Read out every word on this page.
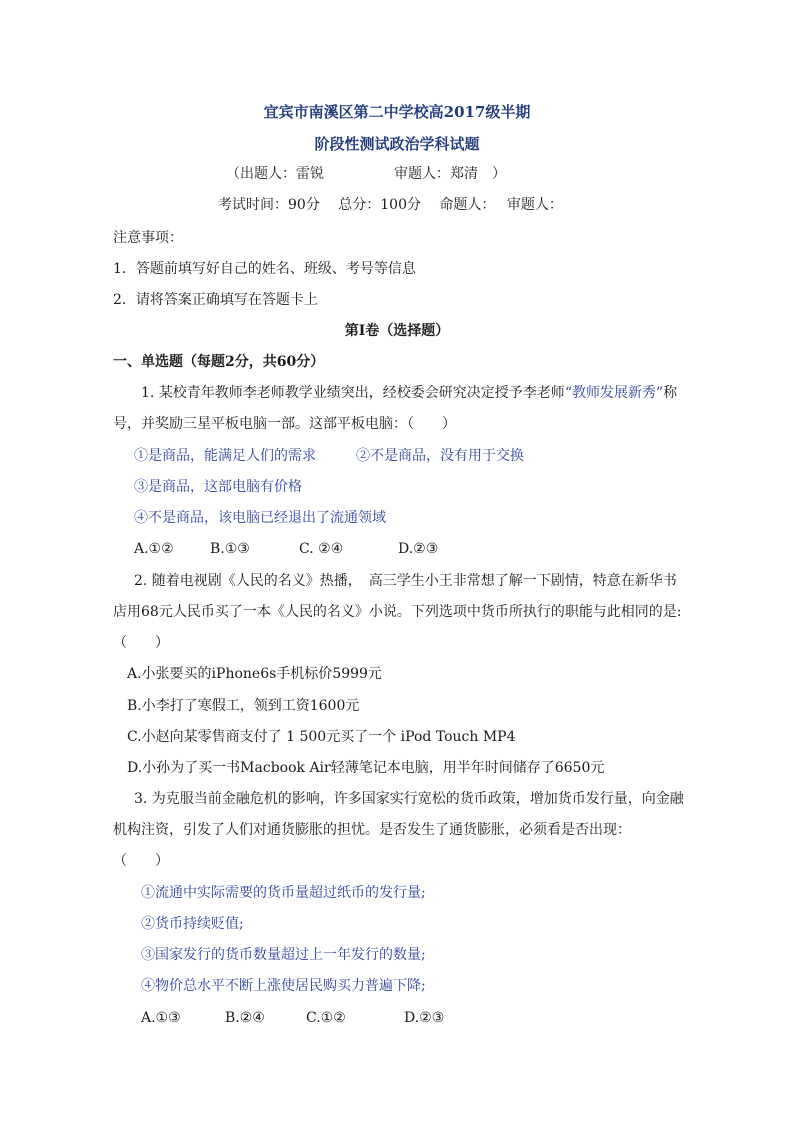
宜宾市南溪区第二中学校高2017级半期
阶段性测试政治学科试题
（出题人：雷锐　　　　　审题人：郑清　）
考试时间：90分　 总分：100分　 命题人：　 审题人：
注意事项：
1．答题前填写好自己的姓名、班级、考号等信息
2．请将答案正确填写在答题卡上
第I卷（选择题）
一、单选题（每题2分，共60分）
1. 某校青年教师李老师教学业绩突出，经校委会研究决定授予李老师“教师发展新秀”称
号，并奖励三星平板电脑一部。这部平板电脑：（　　）
①是商品，能满足人们的需求	②不是商品，没有用于交换
③是商品，这部电脑有价格
④不是商品，该电脑已经退出了流通领域
A.①②	B.①③	C. ②④	D.②③
2. 随着电视剧《人民的名义》热播，　高三学生小王非常想了解一下剧情，特意在新华书
店用68元人民币买了一本《人民的名义》小说。下列选项中货币所执行的职能与此相同的是:
（　　）
A.小张要买的iPhone6s手机标价5999元
B.小李打了寒假工，领到工资1600元
C.小赵向某零售商支付了 1 500元买了一个 iPod Touch MP4
D.小孙为了买一书Macbook Air轻薄笔记本电脑，用半年时间储存了6650元
3. 为克服当前金融危机的影响，许多国家实行宽松的货币政策，增加货币发行量，向金融
机构注资，引发了人们对通货膨胀的担忧。是否发生了通货膨胀，必须看是否出现：
（　　）
①流通中实际需要的货币量超过纸币的发行量;
②货币持续贬值;
③国家发行的货币数量超过上一年发行的数量;
④物价总水平不断上涨使居民购买力普遍下降;
A.①③	B.②④	C.①②	D.②③
